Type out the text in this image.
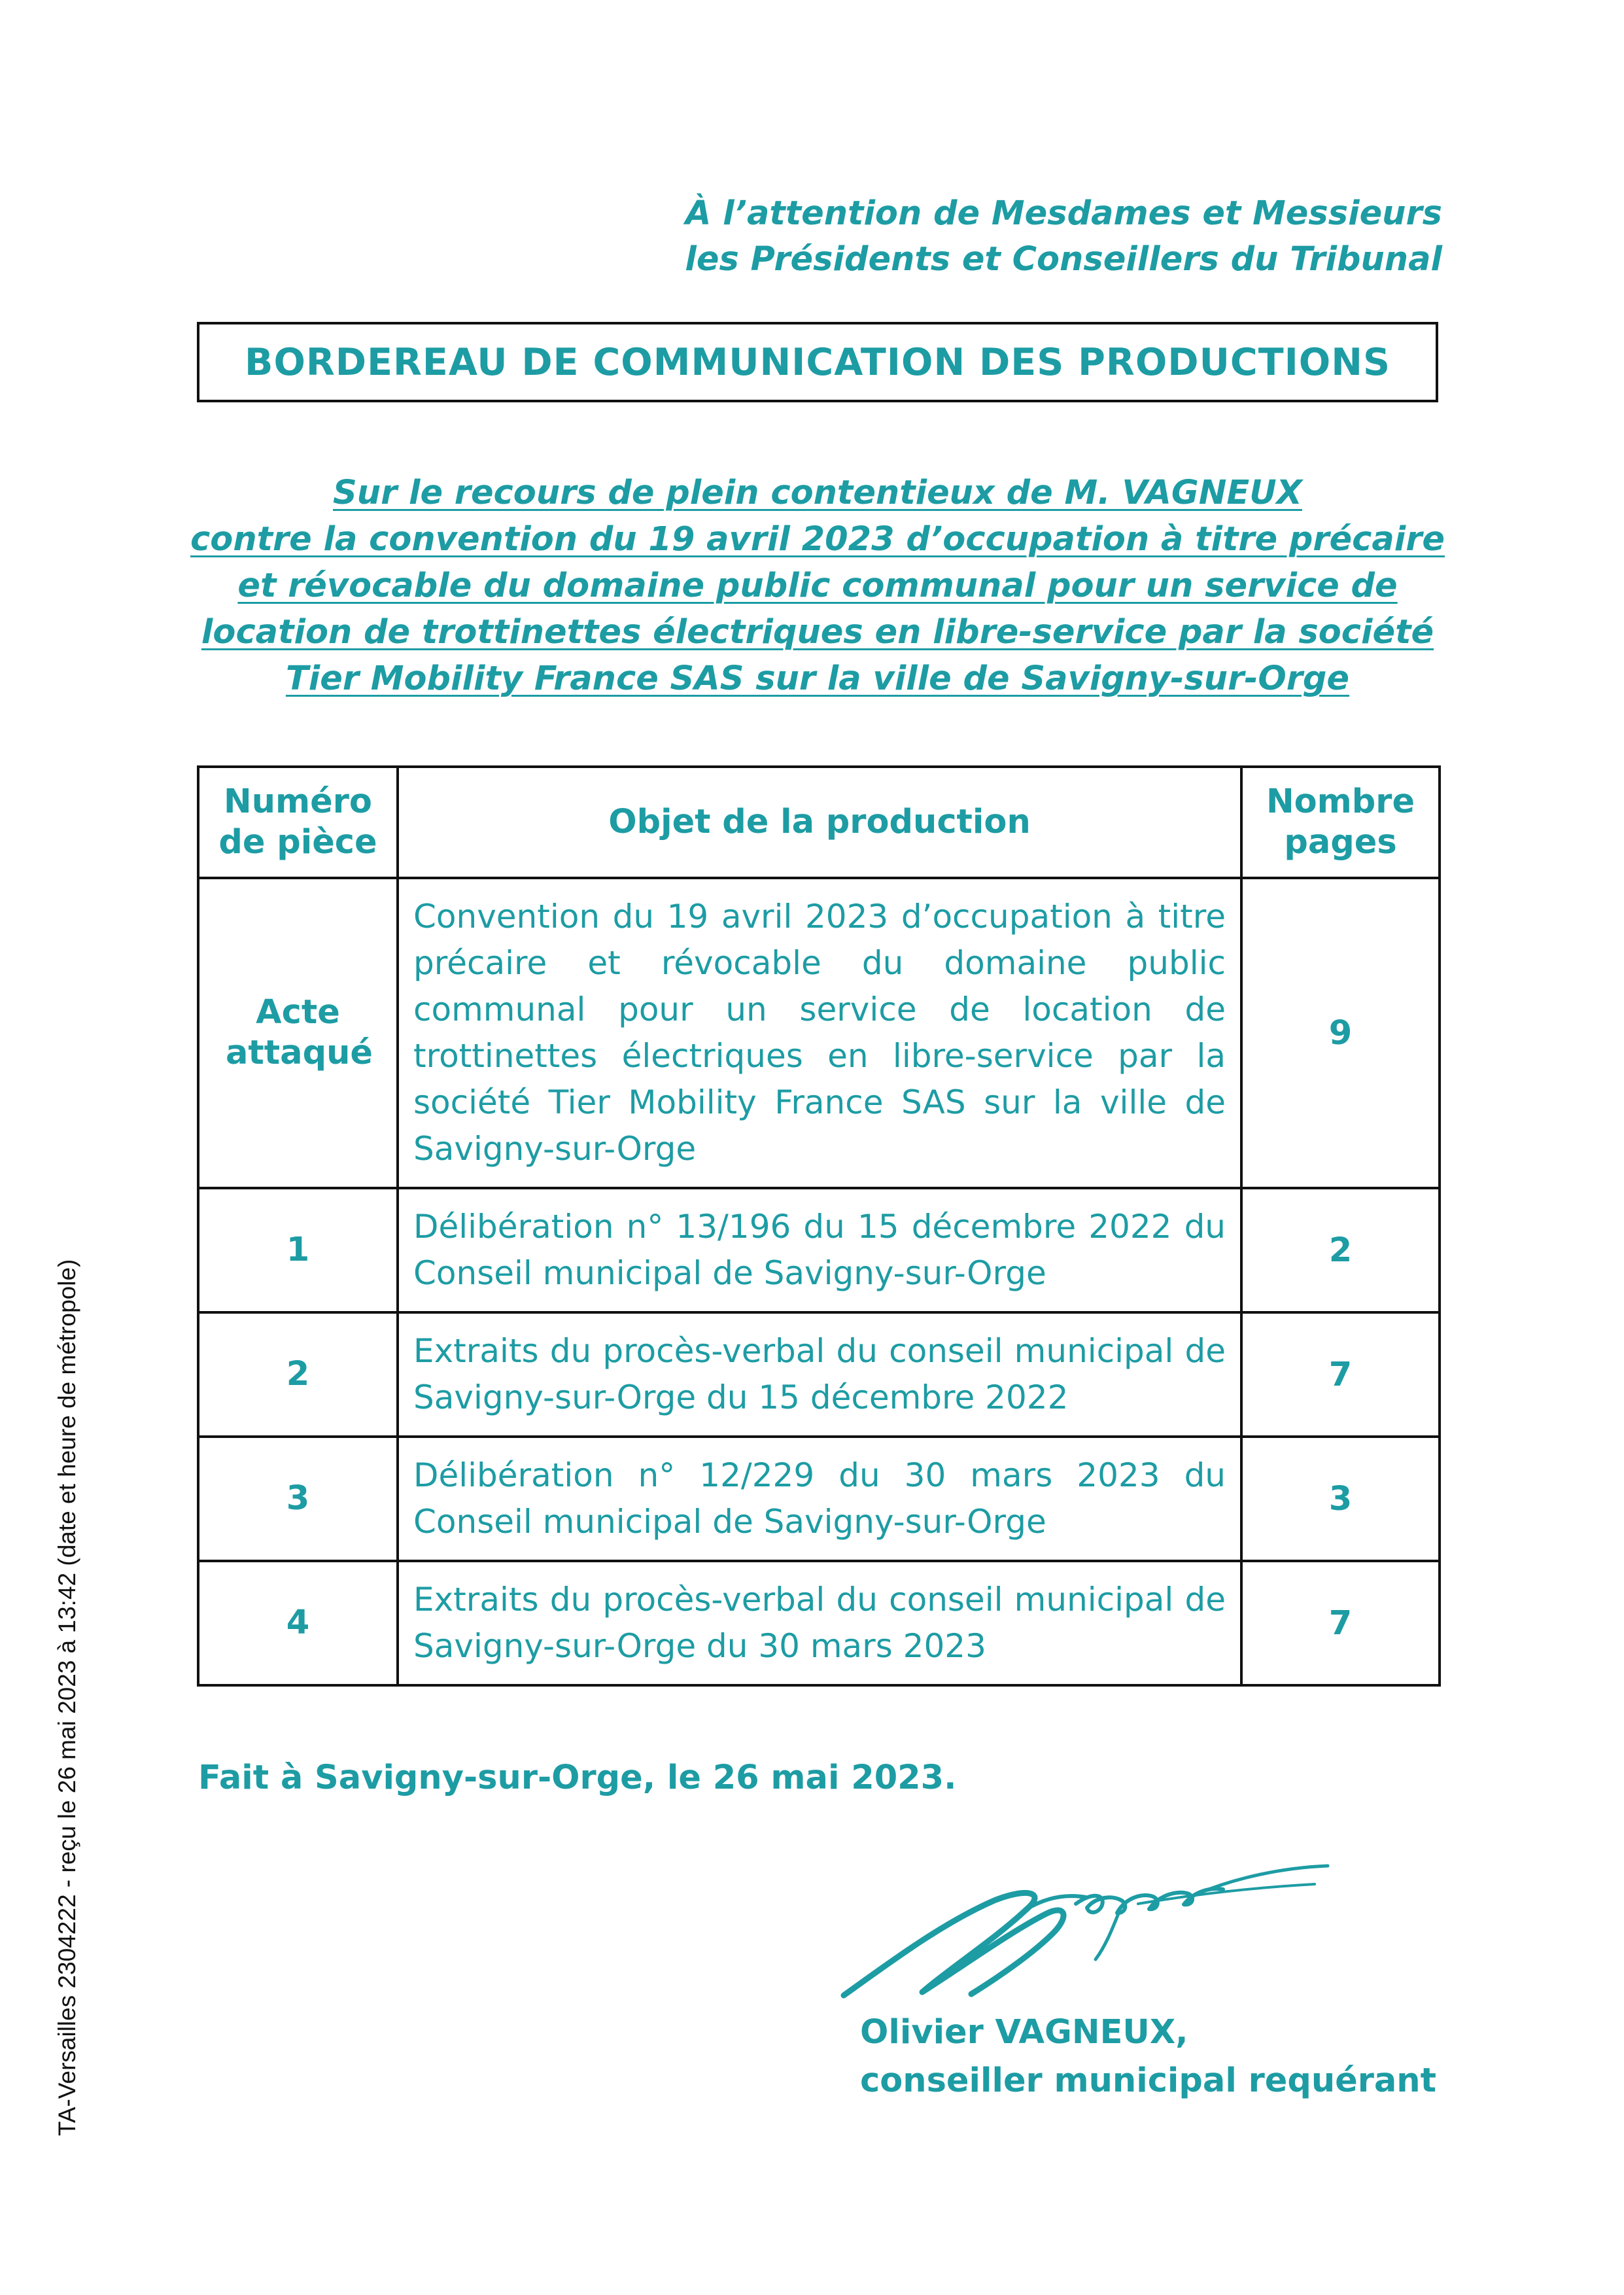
À l’attention de Mesdames et Messieurs
les Présidents et Conseillers du Tribunal
BORDEREAU DE COMMUNICATION DES PRODUCTIONS
Sur le recours de plein contentieux de M. VAGNEUX
contre la convention du 19 avril 2023 d’occupation à titre précaire
et révocable du domaine public communal pour un service de
location de trottinettes électriques en libre-service par la société
Tier Mobility France SAS sur la ville de Savigny-sur-Orge
Numéro de pièce	Objet de la production	Nombre pages
Acte attaqué	Convention du 19 avril 2023 d’occupation à titre précaire et révocable du domaine public communal pour un service de location de trottinettes électriques en libre-service par la société Tier Mobility France SAS sur la ville de Savigny-sur-Orge	9
1	Délibération n° 13/196 du 15 décembre 2022 du Conseil municipal de Savigny-sur-Orge	2
2	Extraits du procès-verbal du conseil municipal de Savigny-sur-Orge du 15 décembre 2022	7
3	Délibération n° 12/229 du 30 mars 2023 du Conseil municipal de Savigny-sur-Orge	3
4	Extraits du procès-verbal du conseil municipal de Savigny-sur-Orge du 30 mars 2023	7
Fait à Savigny-sur-Orge, le 26 mai 2023.
Olivier VAGNEUX,
conseiller municipal requérant
TA-Versailles 2304222 - reçu le 26 mai 2023 à 13:42 (date et heure de métropole)
